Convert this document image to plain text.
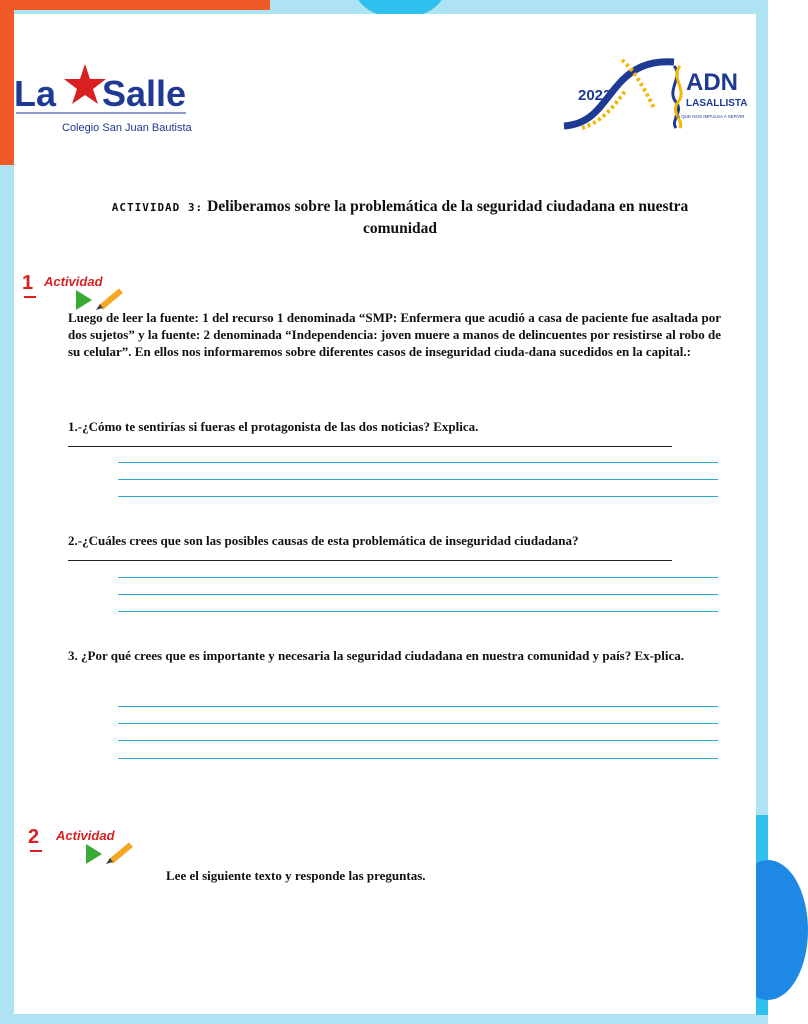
La Salle
Colegio San Juan Bautista
2023	ADN
LASALLISTA
LO QUE NOS IMPULSA A SERVIR
ACTIVIDAD 3: Deliberamos sobre la problemática de la seguridad ciudadana en nuestra comunidad
1 Actividad
Luego de leer la fuente: 1 del recurso 1 denominada “SMP: Enfermera que acudió a casa de paciente fue asaltada por dos sujetos” y la fuente: 2 denominada “Independencia: joven muere a manos de delincuentes por resistirse al robo de su celular”. En ellos nos informaremos sobre diferentes casos de inseguridad ciuda-dana sucedidos en la capital.:
1.-¿Cómo te sentirías si fueras el protagonista de las dos noticias? Explica.
2.-¿Cuáles crees que son las posibles causas de esta problemática de inseguridad ciudadana?
3. ¿Por qué crees que es importante y necesaria la seguridad ciudadana en nuestra comunidad y país? Ex-plica.
2 Actividad
Lee el siguiente texto y responde las preguntas.
